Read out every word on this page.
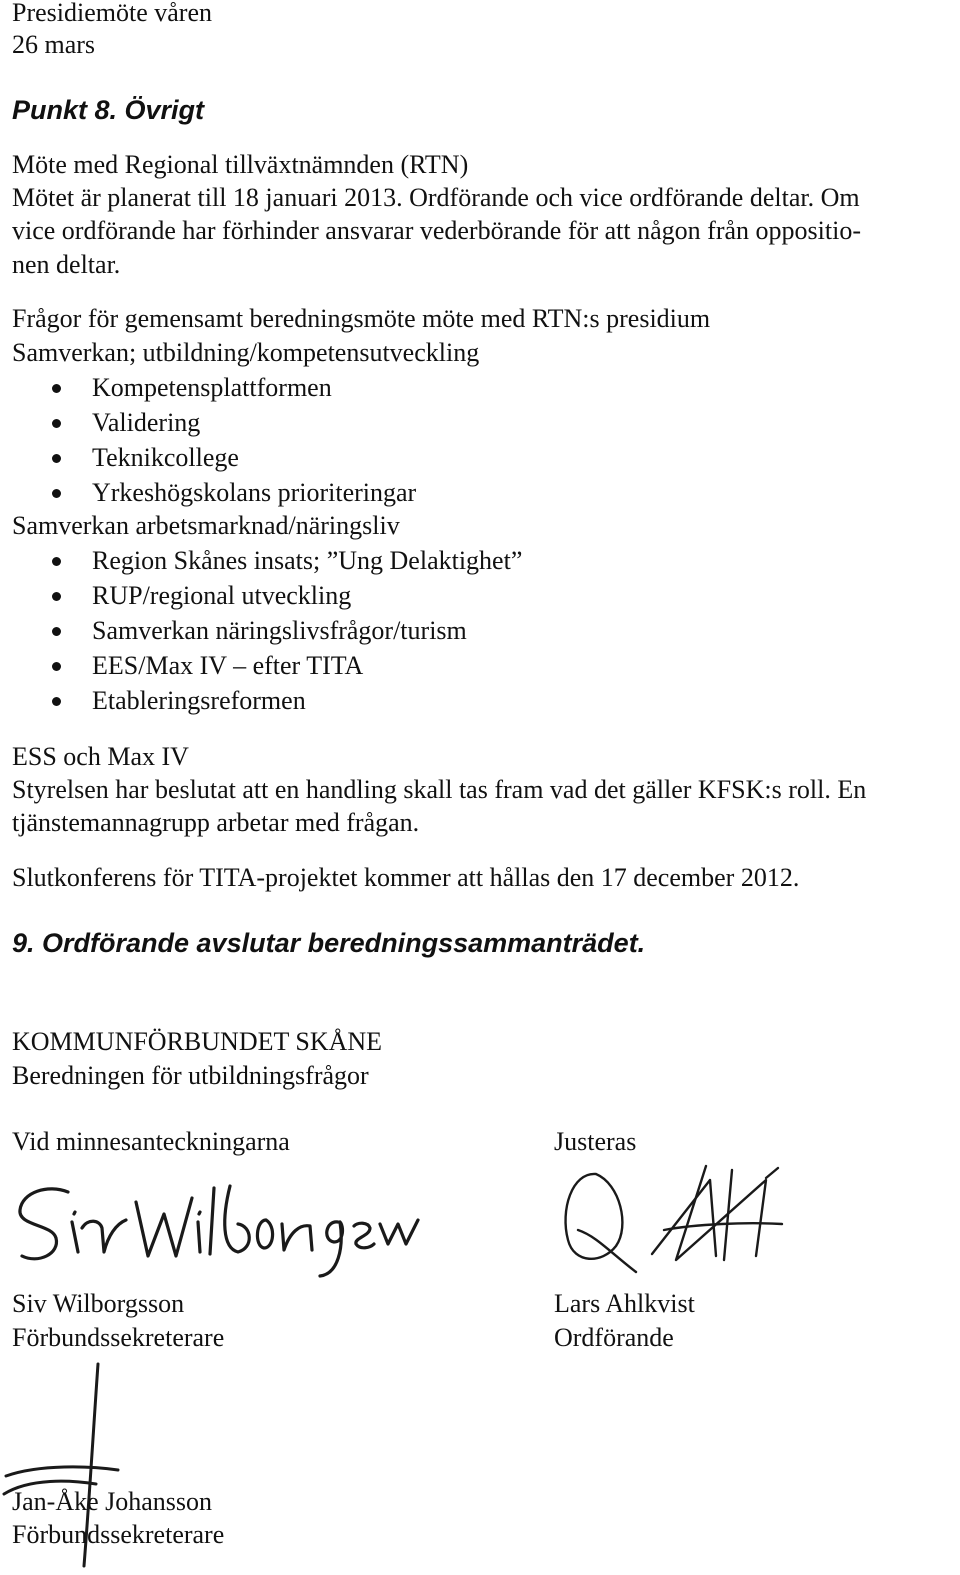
Presidiemöte våren
26 mars
Punkt 8. Övrigt
Möte med Regional tillväxtnämnden (RTN)
Mötet är planerat till 18 januari 2013. Ordförande och vice ordförande deltar. Om
vice ordförande har förhinder ansvarar vederbörande för att någon från oppositio-
nen deltar.
Frågor för gemensamt beredningsmöte möte med RTN:s presidium
Samverkan; utbildning/kompetensutveckling
Kompetensplattformen
Validering
Teknikcollege
Yrkeshögskolans prioriteringar
Samverkan arbetsmarknad/näringsliv
Region Skånes insats; ”Ung Delaktighet”
RUP/regional utveckling
Samverkan näringslivsfrågor/turism
EES/Max IV – efter TITA
Etableringsreformen
ESS och Max IV
Styrelsen har beslutat att en handling skall tas fram vad det gäller KFSK:s roll. En
tjänstemannagrupp arbetar med frågan.
Slutkonferens för TITA-projektet kommer att hållas den 17 december 2012.
9. Ordförande avslutar beredningssammanträdet.
KOMMUNFÖRBUNDET SKÅNE
Beredningen för utbildningsfrågor
Vid minnesanteckningarna	Justeras
Siv Wilborgsson
Förbundssekreterare
Lars Ahlkvist
Ordförande
Jan-Åke Johansson
Förbundssekreterare
